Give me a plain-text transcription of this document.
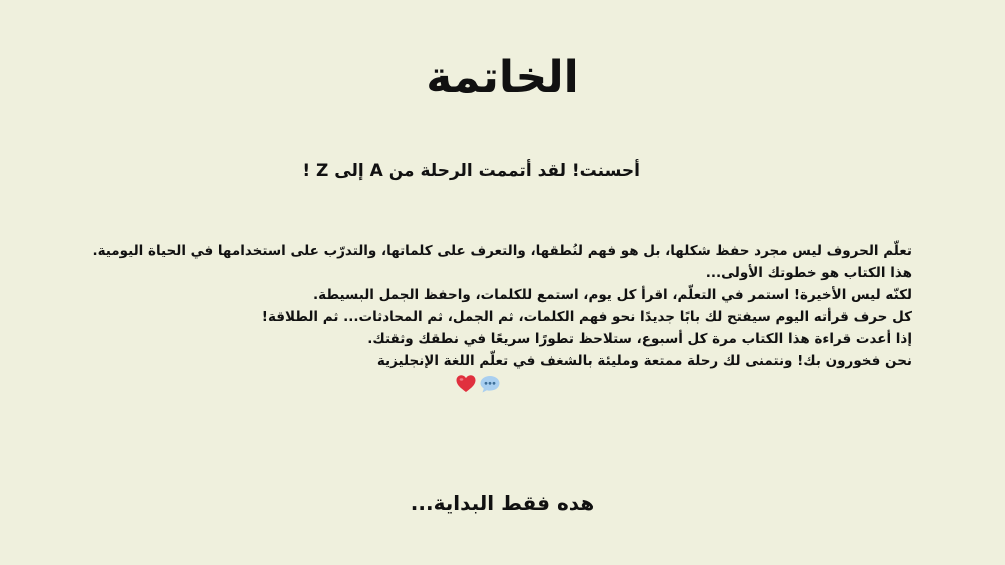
الخاتمة

أحسنت! لقد أتممت الرحلة من A إلى Z !

تعلُّم الحروف ليس مجرد حفظ شكلها، بل هو فهم لنُطقها، والتعرف على كلماتها، والتدرّب على استخدامها في الحياة اليومية.
هذا الكتاب هو خطوتك الأولى...
لكنّه ليس الأخيرة! استمر في التعلّم، اقرأ كل يوم، استمع للكلمات، واحفظ الجمل البسيطة.
كل حرف قرأته اليوم سيفتح لك بابًا جديدًا نحو فهم الكلمات، ثم الجمل، ثم المحادثات... ثم الطلاقة!
إذا أعدت قراءة هذا الكتاب مرة كل أسبوع، ستلاحظ تطورًا سريعًا في نطقك وثقتك.
نحن فخورون بك! ونتمنى لك رحلة ممتعة ومليئة بالشغف في تعلّم اللغة الإنجليزية

هده فقط البداية...
